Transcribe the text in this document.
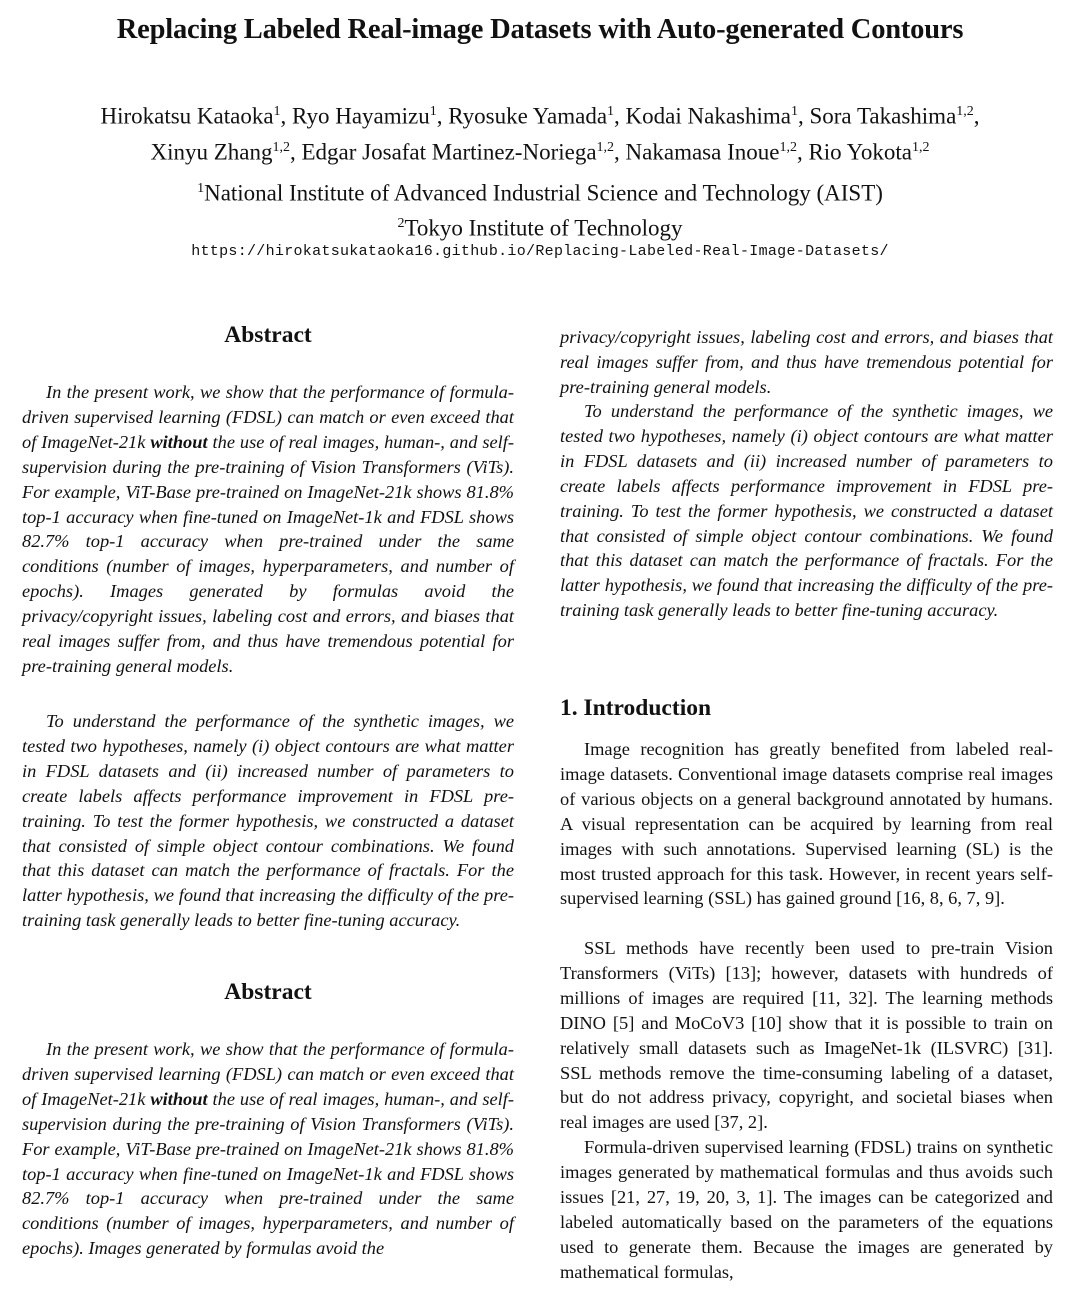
Replacing Labeled Real-image Datasets with Auto-generated Contours
Hirokatsu Kataoka$^1$, Ryo Hayamizu$^1$, Ryosuke Yamada$^1$, Kodai Nakashima$^1$, Sora Takashima$^{1,2}$,
Xinyu Zhang$^{1,2}$, Edgar Josafat Martinez-Noriega$^{1,2}$, Nakamasa Inoue$^{1,2}$, Rio Yokota$^{1,2}$
$^1$National Institute of Advanced Industrial Science and Technology (AIST)
$^2$Tokyo Institute of Technology
https://hirokatsukataoka16.github.io/Replacing-Labeled-Real-Image-Datasets/
Abstract
In the present work, we show that the performance of formula-driven supervised learning (FDSL) can match or even exceed that of ImageNet-21k without the use of real images, human-, and self-supervision during the pre-training of Vision Transformers (ViTs). For example, ViT-Base pre-trained on ImageNet-21k shows 81.8% top-1 accuracy when fine-tuned on ImageNet-1k and FDSL shows 82.7% top-1 accuracy when pre-trained under the same conditions (number of images, hyperparameters, and number of epochs). Images generated by formulas avoid the privacy/copyright issues, labeling cost and errors, and biases that real images suffer from, and thus have tremendous potential for pre-training general models.
To understand the performance of the synthetic images, we tested two hypotheses, namely (i) object contours are what matter in FDSL datasets and (ii) increased number of parameters to create labels affects performance improvement in FDSL pre-training. To test the former hypothesis, we constructed a dataset that consisted of simple object contour combinations. We found that this dataset can match the performance of fractals. For the latter hypothesis, we found that increasing the difficulty of the pre-training task generally leads to better fine-tuning accuracy.
Abstract
In the present work, we show that the performance of formula-driven supervised learning (FDSL) can match or even exceed that of ImageNet-21k without the use of real images, human-, and self-supervision during the pre-training of Vision Transformers (ViTs). For example, ViT-Base pre-trained on ImageNet-21k shows 81.8% top-1 accuracy when fine-tuned on ImageNet-1k and FDSL shows 82.7% top-1 accuracy when pre-trained under the same conditions (number of images, hyperparameters, and number of epochs). Images generated by formulas avoid the
privacy/copyright issues, labeling cost and errors, and biases that real images suffer from, and thus have tremendous potential for pre-training general models.
To understand the performance of the synthetic images, we tested two hypotheses, namely (i) object contours are what matter in FDSL datasets and (ii) increased number of parameters to create labels affects performance improvement in FDSL pre-training. To test the former hypothesis, we constructed a dataset that consisted of simple object contour combinations. We found that this dataset can match the performance of fractals. For the latter hypothesis, we found that increasing the difficulty of the pre-training task generally leads to better fine-tuning accuracy.
1. Introduction
Image recognition has greatly benefited from labeled real-image datasets. Conventional image datasets comprise real images of various objects on a general background annotated by humans. A visual representation can be acquired by learning from real images with such annotations. Supervised learning (SL) is the most trusted approach for this task. However, in recent years self-supervised learning (SSL) has gained ground [16, 8, 6, 7, 9].
SSL methods have recently been used to pre-train Vision Transformers (ViTs) [13]; however, datasets with hundreds of millions of images are required [11, 32]. The learning methods DINO [5] and MoCoV3 [10] show that it is possible to train on relatively small datasets such as ImageNet-1k (ILSVRC) [31]. SSL methods remove the time-consuming labeling of a dataset, but do not address privacy, copyright, and societal biases when real images are used [37, 2].
Formula-driven supervised learning (FDSL) trains on synthetic images generated by mathematical formulas and thus avoids such issues [21, 27, 19, 20, 3, 1]. The images can be categorized and labeled automatically based on the parameters of the equations used to generate them. Because the images are generated by mathematical formulas,
